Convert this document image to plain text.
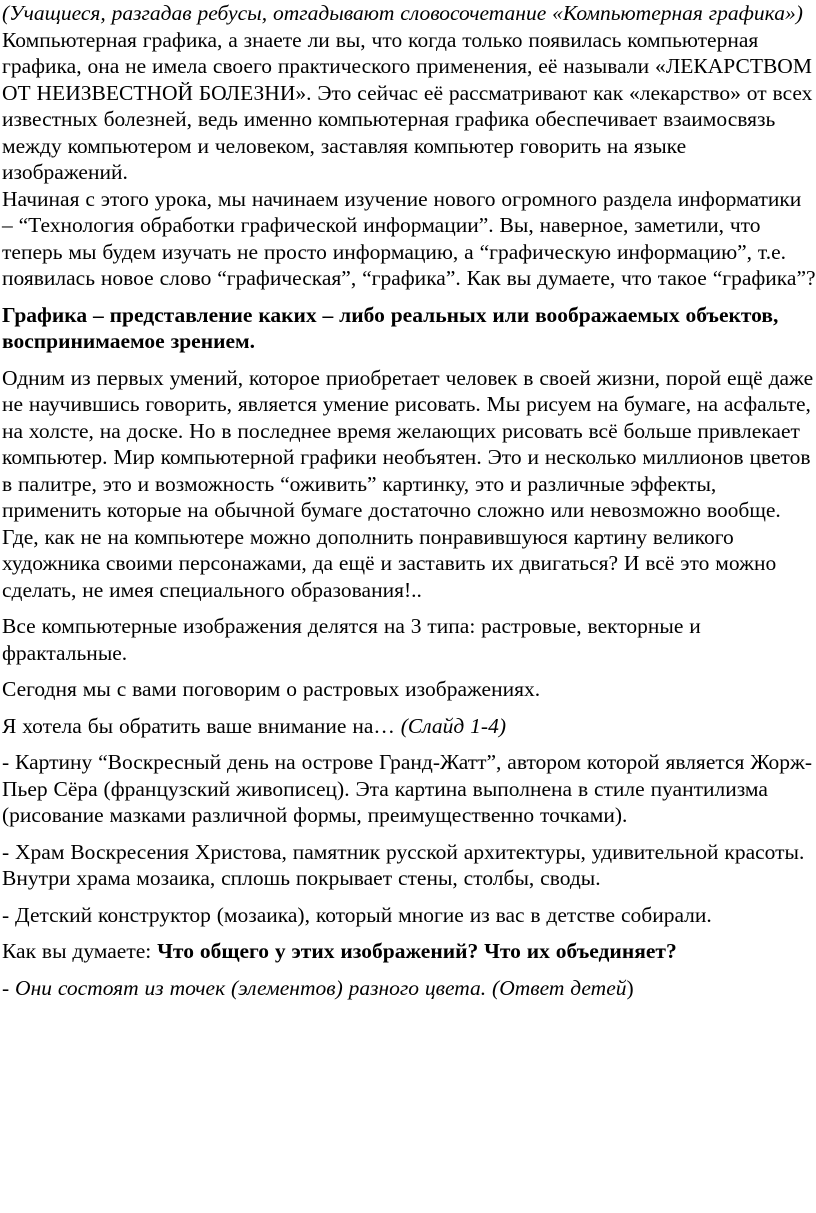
(Учащиеся, разгадав ребусы, отгадывают словосочетание «Компьютерная графика»)

Компьютерная графика, а знаете ли вы, что когда только появилась компьютерная графика, она не имела своего практического применения, её называли «ЛЕКАРСТВОМ ОТ НЕИЗВЕСТНОЙ БОЛЕЗНИ». Это сейчас её рассматривают как «лекарство» от всех известных болезней, ведь именно компьютерная графика обеспечивает взаимосвязь между компьютером и человеком, заставляя компьютер говорить на языке изображений.

Начиная с этого урока, мы начинаем изучение нового огромного раздела информатики – “Технология обработки графической информации”. Вы, наверное, заметили, что теперь мы будем изучать не просто информацию, а “графическую информацию”, т.е. появилась новое слово “графическая”, “графика”. Как вы думаете, что такое “графика”?

Графика – представление каких – либо реальных или воображаемых объектов, воспринимаемое зрением.

Одним из первых умений, которое приобретает человек в своей жизни, порой ещё даже не научившись говорить, является умение рисовать. Мы рисуем на бумаге, на асфальте, на холсте, на доске. Но в последнее время желающих рисовать всё больше привлекает компьютер. Мир компьютерной графики необъятен. Это и несколько миллионов цветов в палитре, это и возможность “оживить” картинку, это и различные эффекты, применить которые на обычной бумаге достаточно сложно или невозможно вообще. Где, как не на компьютере можно дополнить понравившуюся картину великого художника своими персонажами, да ещё и заставить их двигаться? И всё это можно сделать, не имея специального образования!..

Все компьютерные изображения делятся на 3 типа: растровые, векторные и фрактальные.

Сегодня мы с вами поговорим о растровых изображениях.

Я хотела бы обратить ваше внимание на… (Слайд 1-4)

- Картину “Воскресный день на острове Гранд-Жатт”, автором которой является Жорж-Пьер Сёра (французский живописец). Эта картина выполнена в стиле пуантилизма (рисование мазками различной формы, преимущественно точками).

- Храм Воскресения Христова, памятник русской архитектуры, удивительной красоты. Внутри храма мозаика, сплошь покрывает стены, столбы, своды.

- Детский конструктор (мозаика), который многие из вас в детстве собирали.

Как вы думаете: Что общего у этих изображений? Что их объединяет?

- Они состоят из точек (элементов) разного цвета. (Ответ детей)
